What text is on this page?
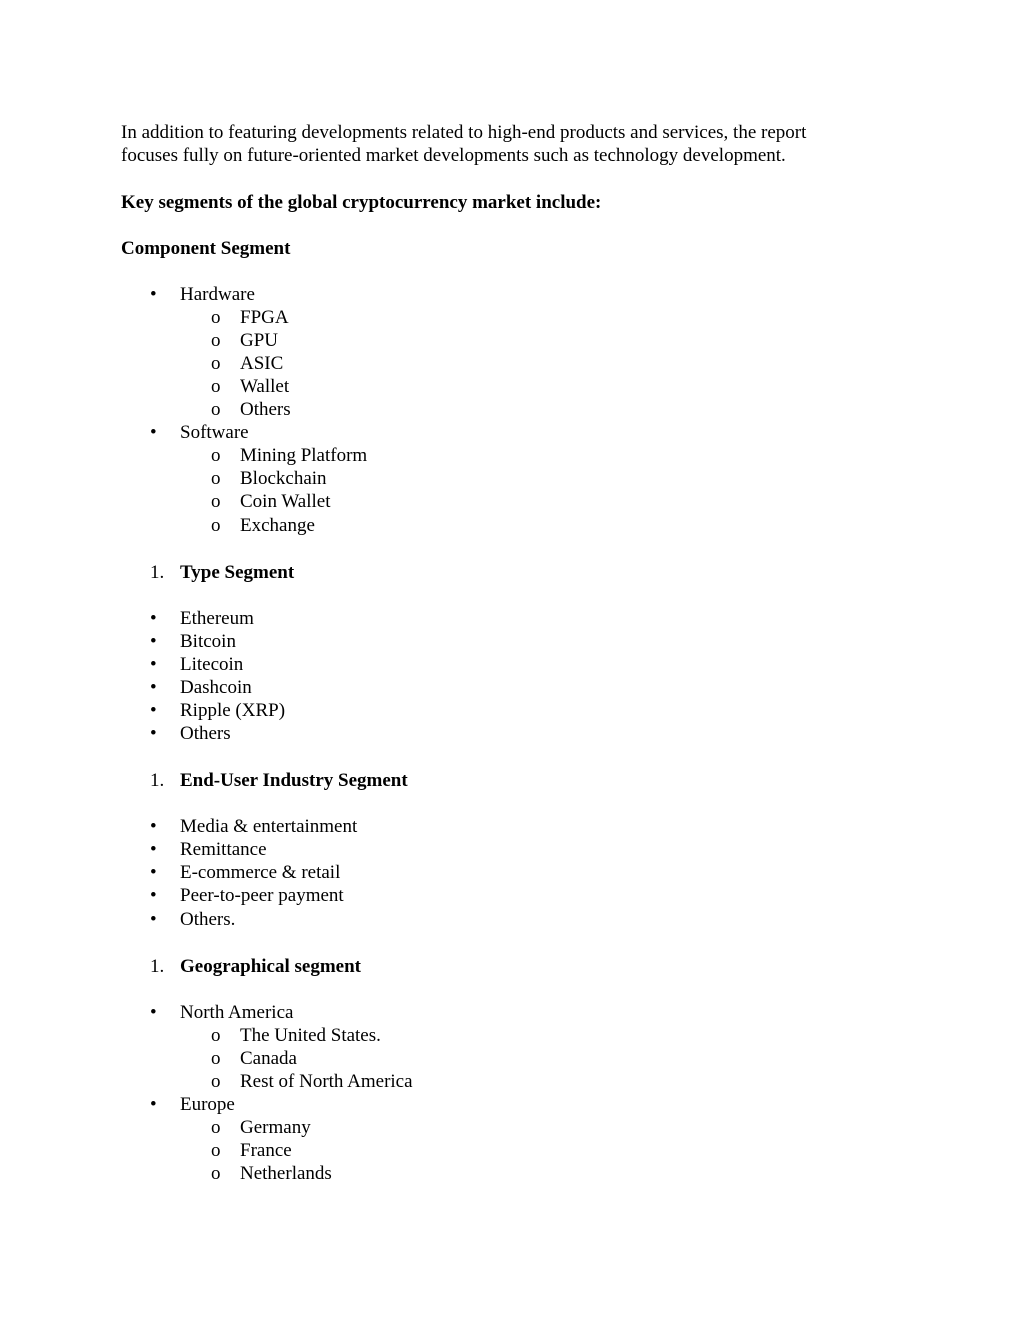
In addition to featuring developments related to high-end products and services, the report
focuses fully on future-oriented market developments such as technology development.
Key segments of the global cryptocurrency market include:
Component Segment
• Hardware
o FPGA
o GPU
o ASIC
o Wallet
o Others
• Software
o Mining Platform
o Blockchain
o Coin Wallet
o Exchange
1. Type Segment
• Ethereum
• Bitcoin
• Litecoin
• Dashcoin
• Ripple (XRP)
• Others
1. End-User Industry Segment
• Media & entertainment
• Remittance
• E-commerce & retail
• Peer-to-peer payment
• Others.
1. Geographical segment
• North America
o The United States.
o Canada
o Rest of North America
• Europe
o Germany
o France
o Netherlands
